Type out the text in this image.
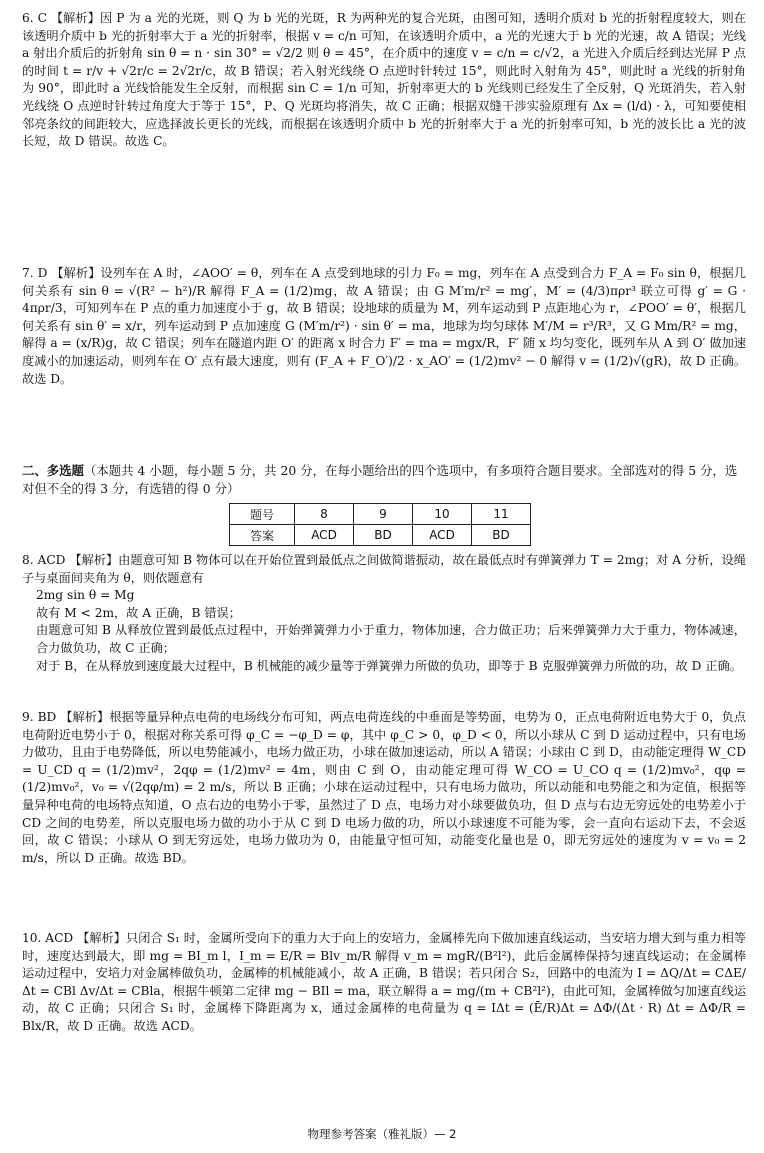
6. C 【解析】因 P 为 a 光的光斑，则 Q 为 b 光的光斑，R 为两种光的复合光斑，由图可知，透明介质对 b 光的折射程度较大，则在该透明介质中 b 光的折射率大于 a 光的折射率，根据 v = c/n 可知，在该透明介质中，a 光的光速大于 b 光的光速，故 A 错误；光线 a 射出介质后的折射角 sin θ = n · sin 30° = √2/2 则 θ = 45°，在介质中的速度 v = c/n = c/√2，a 光进入介质后经到达光屏 P 点的时间 t = r/v + √2r/c = 2√2r/c，故 B 错误；若入射光线绕 O 点逆时针转过 15°，则此时入射角为 45°，则此时 a 光线的折射角为 90°，即此时 a 光线恰能发生全反射，而根据 sin C = 1/n 可知，折射率更大的 b 光线则已经发生了全反射，Q 光斑消失，若入射光线绕 O 点逆时针转过角度大于等于 15°，P、Q 光斑均将消失，故 C 正确；根据双缝干涉实验原理有 Δx = (l/d) · λ，可知要使相邻亮条纹的间距较大，应选择波长更长的光线，而根据在该透明介质中 b 光的折射率大于 a 光的折射率可知，b 光的波长比 a 光的波长短，故 D 错误。故选 C。

7. D 【解析】设列车在 A 时，∠AOO′ = θ，列车在 A 点受到地球的引力 F₀ = mg，列车在 A 点受到合力 F_A = F₀ sin θ，根据几何关系有 sin θ = √(R² − h²)/R 解得 F_A = (1/2)mg，故 A 错误；由 G M′m/r² = mg′，M′ = (4/3)πρr³ 联立可得 g′ = G · 4πρr/3，可知列车在 P 点的重力加速度小于 g，故 B 错误；设地球的质量为 M，列车运动到 P 点距地心为 r，∠POO′ = θ′，根据几何关系有 sin θ′ = x/r，列车运动到 P 点加速度 G (M′m/r²) · sin θ′ = ma，地球为均匀球体 M′/M = r³/R³，又 G Mm/R² = mg，解得 a = (x/R)g，故 C 错误；列车在隧道内距 O′ 的距离 x 时合力 F′ = ma = mgx/R，F′ 随 x 均匀变化，既列车从 A 到 O′ 做加速度减小的加速运动，则列车在 O′ 点有最大速度，则有 (F_A + F_O′)/2 · x_AO′ = (1/2)mv² − 0 解得 v = (1/2)√(gR)，故 D 正确。故选 D。

二、多选题（本题共 4 小题，每小题 5 分，共 20 分，在每小题给出的四个选项中，有多项符合题目要求。全部选对的得 5 分，选对但不全的得 3 分，有选错的得 0 分）
题号	8	9	10	11
答案	ACD	BD	ACD	BD

8. ACD 【解析】由题意可知 B 物体可以在开始位置到最低点之间做简谐振动，故在最低点时有弹簧弹力 T = 2mg；对 A 分析，设绳子与桌面间夹角为 θ，则依题意有

2mg sin θ = Mg

故有 M < 2m，故 A 正确，B 错误；

由题意可知 B 从释放位置到最低点过程中，开始弹簧弹力小于重力，物体加速，合力做正功；后来弹簧弹力大于重力，物体减速，合力做负功，故 C 正确；

对于 B，在从释放到速度最大过程中，B 机械能的减少量等于弹簧弹力所做的负功，即等于 B 克服弹簧弹力所做的功，故 D 正确。

9. BD 【解析】根据等量异种点电荷的电场线分布可知，两点电荷连线的中垂面是等势面，电势为 0，正点电荷附近电势大于 0，负点电荷附近电势小于 0，根据对称关系可得 φ_C = −φ_D = φ，其中 φ_C > 0，φ_D < 0，所以小球从 C 到 D 运动过程中，只有电场力做功，且由于电势降低，所以电势能减小，电场力做正功，小球在做加速运动，所以 A 错误；小球由 C 到 D，由动能定理得 W_CD = U_CD q = (1/2)mv²，2qφ = (1/2)mv² = 4m，则由 C 到 O，由动能定理可得 W_CO = U_CO q = (1/2)mv₀²，qφ = (1/2)mv₀²，v₀ = √(2qφ/m) = 2 m/s，所以 B 正确；小球在运动过程中，只有电场力做功，所以动能和电势能之和为定值，根据等量异种电荷的电场特点知道，O 点右边的电势小于零，虽然过了 D 点，电场力对小球要做负功，但 D 点与右边无穷远处的电势差小于 CD 之间的电势差，所以克服电场力做的功小于从 C 到 D 电场力做的功，所以小球速度不可能为零，会一直向右运动下去，不会返回，故 C 错误；小球从 O 到无穷远处，电场力做功为 0，由能量守恒可知，动能变化量也是 0，即无穷远处的速度为 v = v₀ = 2 m/s，所以 D 正确。故选 BD。

10. ACD 【解析】只闭合 S₁ 时，金属所受向下的重力大于向上的安培力，金属棒先向下做加速直线运动，当安培力增大到与重力相等时，速度达到最大，即 mg = BI_m l，I_m = E/R = Blv_m/R 解得 v_m = mgR/(B²l²)，此后金属棒保持匀速直线运动；在金属棒运动过程中，安培力对金属棒做负功，金属棒的机械能减小，故 A 正确，B 错误；若只闭合 S₂，回路中的电流为 I = ΔQ/Δt = CΔE/Δt = CBl Δv/Δt = CBla，根据牛顿第二定律 mg − BIl = ma，联立解得 a = mg/(m + CB²l²)，由此可知，金属棒做匀加速直线运动，故 C 正确；只闭合 S₁ 时，金属棒下降距离为 x，通过金属棒的电荷量为 q = IΔt = (Ē/R)Δt = ΔΦ/(Δt · R) Δt = ΔΦ/R = Blx/R，故 D 正确。故选 ACD。

物理参考答案（雅礼版）— 2
